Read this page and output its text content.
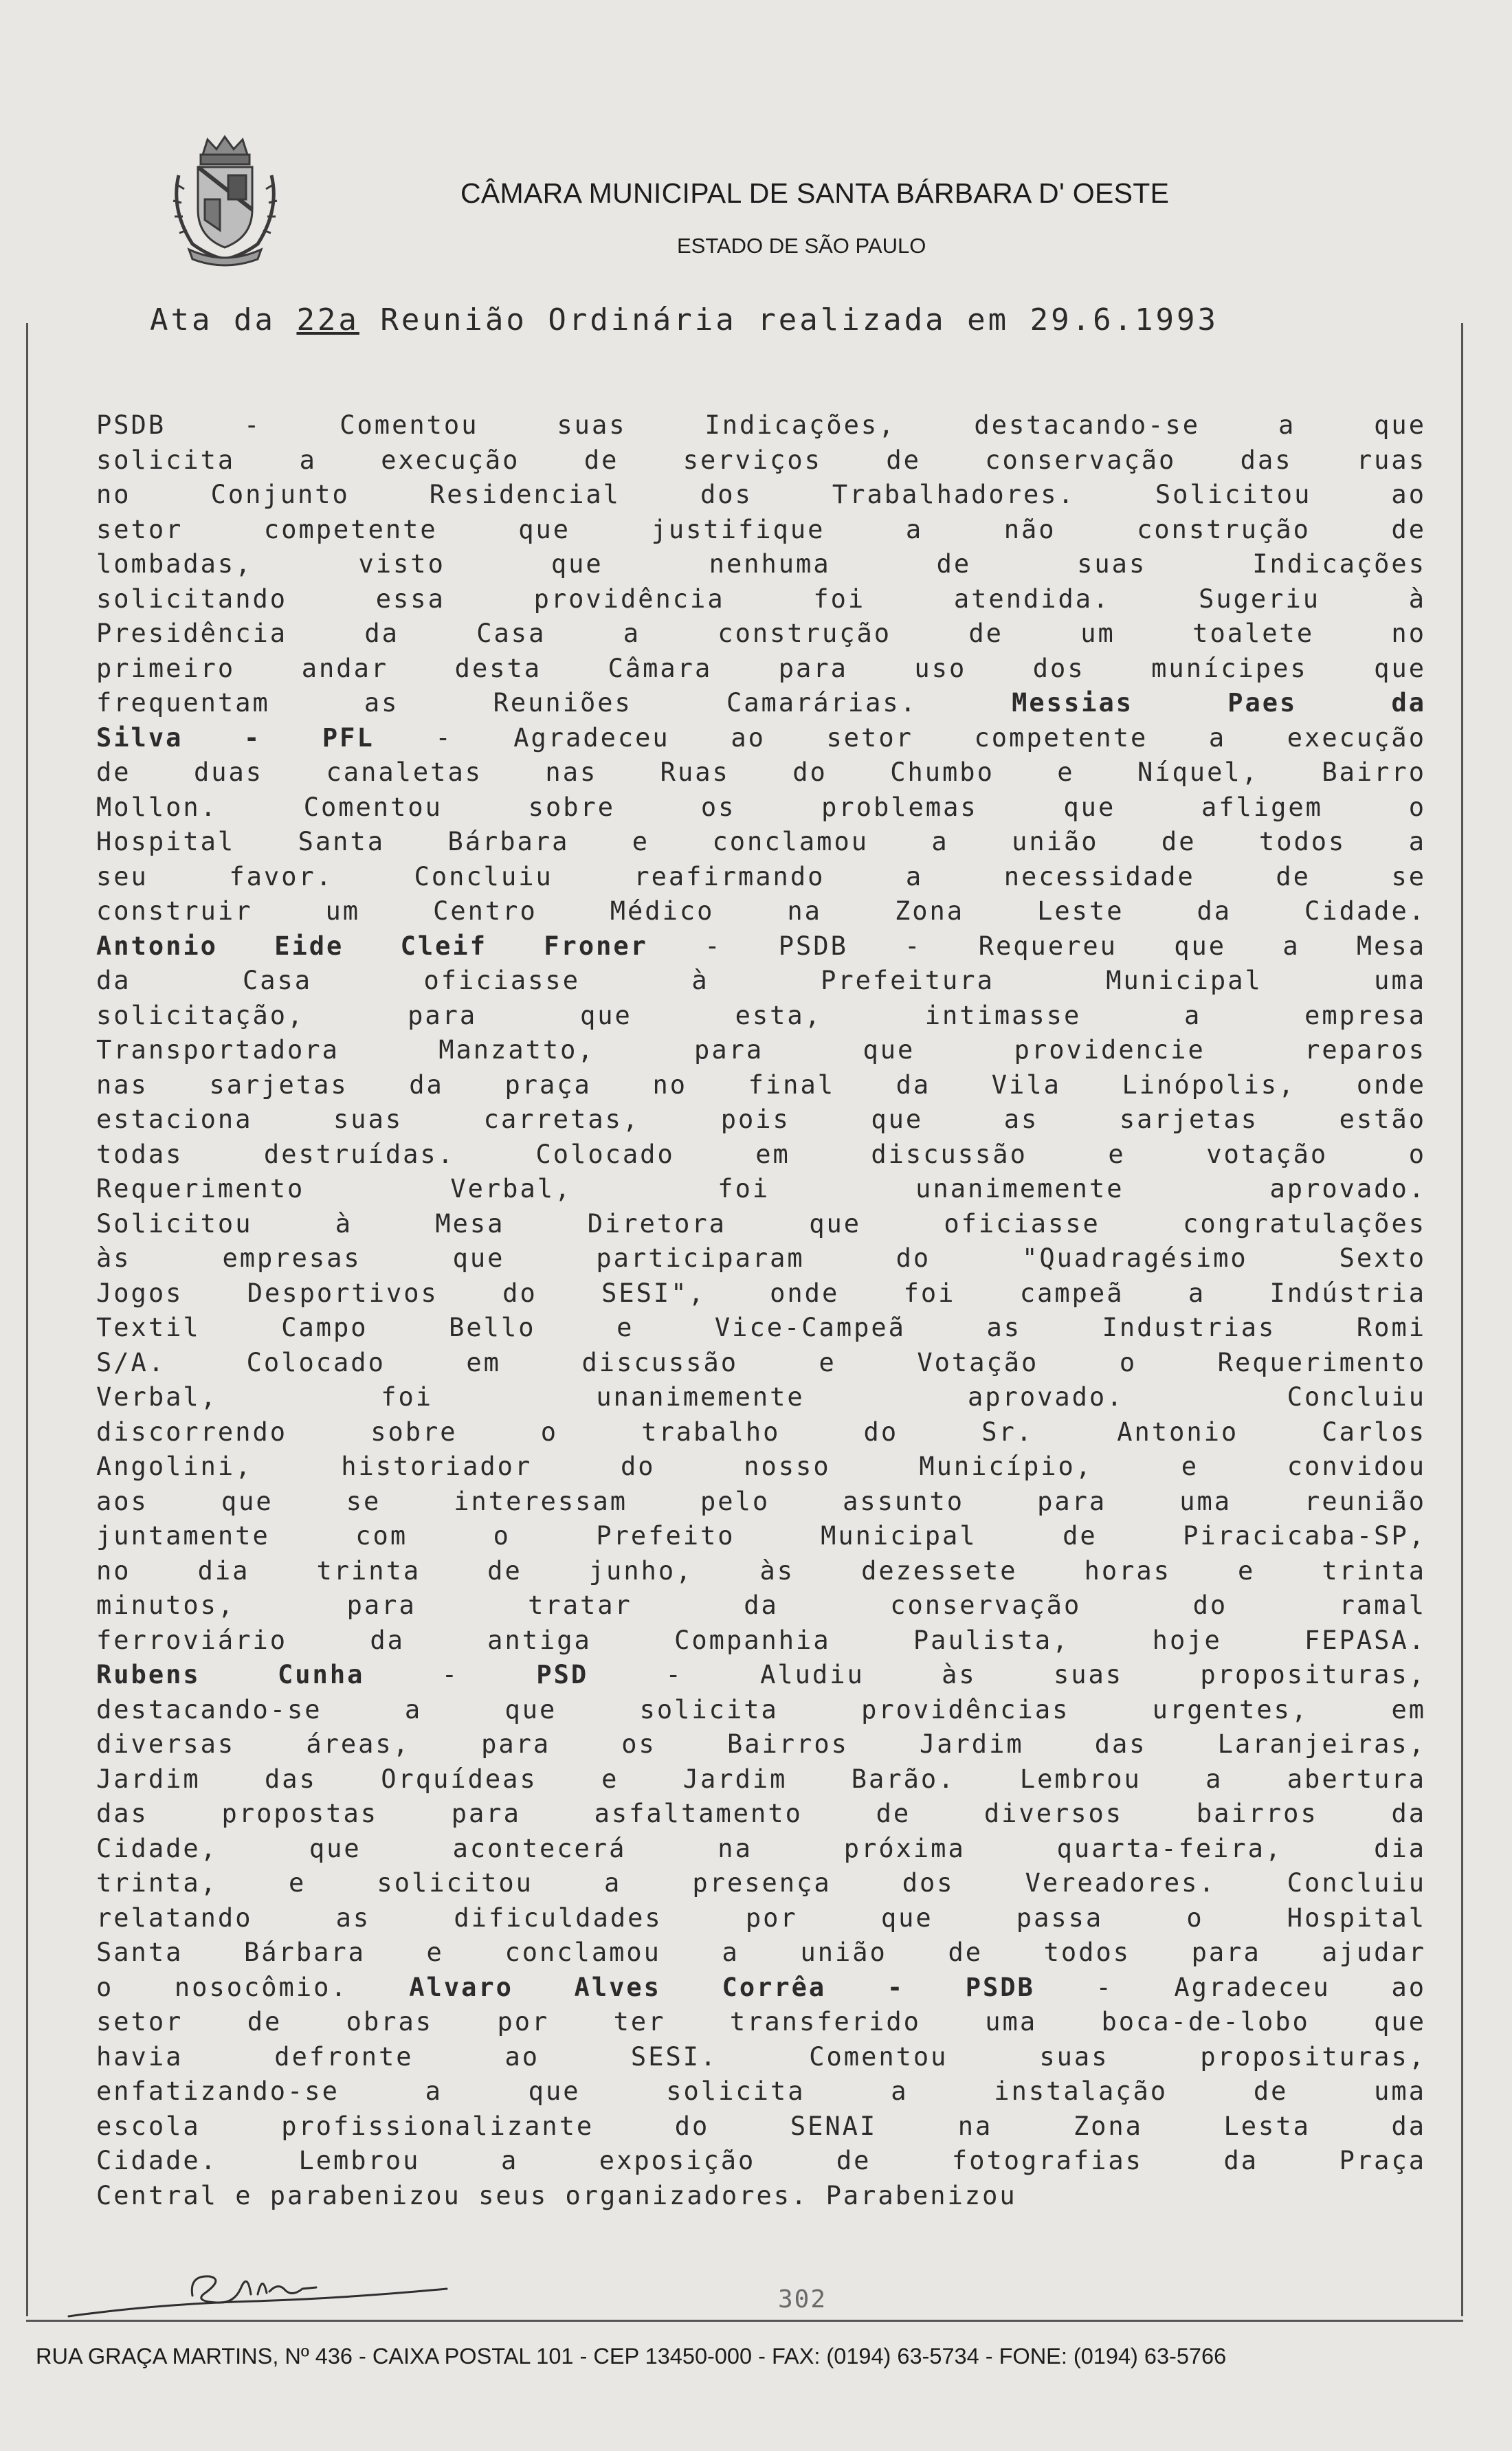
CÂMARA MUNICIPAL DE SANTA BÁRBARA D' OESTE
ESTADO DE SÃO PAULO
Ata da 22a Reunião Ordinária realizada em 29.6.1993
PSDB - Comentou suas Indicações, destacando-se a que
solicita a execução de serviços de conservação das ruas
no Conjunto Residencial dos Trabalhadores. Solicitou ao
setor competente que justifique a não construção de
lombadas, visto que nenhuma de suas Indicações
solicitando essa providência foi atendida. Sugeriu à
Presidência da Casa a construção de um toalete no
primeiro andar desta Câmara para uso dos munícipes que
frequentam as Reuniões Camarárias. Messias Paes da
Silva - PFL - Agradeceu ao setor competente a execução
de duas canaletas nas Ruas do Chumbo e Níquel, Bairro
Mollon. Comentou sobre os problemas que afligem o
Hospital Santa Bárbara e conclamou a união de todos a
seu favor. Concluiu reafirmando a necessidade de se
construir um Centro Médico na Zona Leste da Cidade.
Antonio Eide Cleif Froner - PSDB - Requereu que a Mesa
da Casa oficiasse à Prefeitura Municipal uma
solicitação, para que esta, intimasse a empresa
Transportadora Manzatto, para que providencie reparos
nas sarjetas da praça no final da Vila Linópolis, onde
estaciona suas carretas, pois que as sarjetas estão
todas destruídas. Colocado em discussão e votação o
Requerimento Verbal, foi unanimemente aprovado.
Solicitou à Mesa Diretora que oficiasse congratulações
às empresas que participaram do "Quadragésimo Sexto
Jogos Desportivos do SESI", onde foi campeã a Indústria
Textil Campo Bello e Vice-Campeã as Industrias Romi
S/A. Colocado em discussão e Votação o Requerimento
Verbal, foi unanimemente aprovado. Concluiu
discorrendo sobre o trabalho do Sr. Antonio Carlos
Angolini, historiador do nosso Município, e convidou
aos que se interessam pelo assunto para uma reunião
juntamente com o Prefeito Municipal de Piracicaba-SP,
no dia trinta de junho, às dezessete horas e trinta
minutos, para tratar da conservação do ramal
ferroviário da antiga Companhia Paulista, hoje FEPASA.
Rubens Cunha - PSD - Aludiu às suas proposituras,
destacando-se a que solicita providências urgentes, em
diversas áreas, para os Bairros Jardim das Laranjeiras,
Jardim das Orquídeas e Jardim Barão. Lembrou a abertura
das propostas para asfaltamento de diversos bairros da
Cidade, que acontecerá na próxima quarta-feira, dia
trinta, e solicitou a presença dos Vereadores. Concluiu
relatando as dificuldades por que passa o Hospital
Santa Bárbara e conclamou a união de todos para ajudar
o nosocômio. Alvaro Alves Corrêa - PSDB - Agradeceu ao
setor de obras por ter transferido uma boca-de-lobo que
havia defronte ao SESI. Comentou suas proposituras,
enfatizando-se a que solicita a instalação de uma
escola profissionalizante do SENAI na Zona Lesta da
Cidade. Lembrou a exposição de fotografias da Praça
Central e parabenizou seus organizadores. Parabenizou
302
RUA GRAÇA MARTINS, Nº 436 - CAIXA POSTAL 101 - CEP 13450-000 - FAX: (0194) 63-5734 - FONE: (0194) 63-5766
